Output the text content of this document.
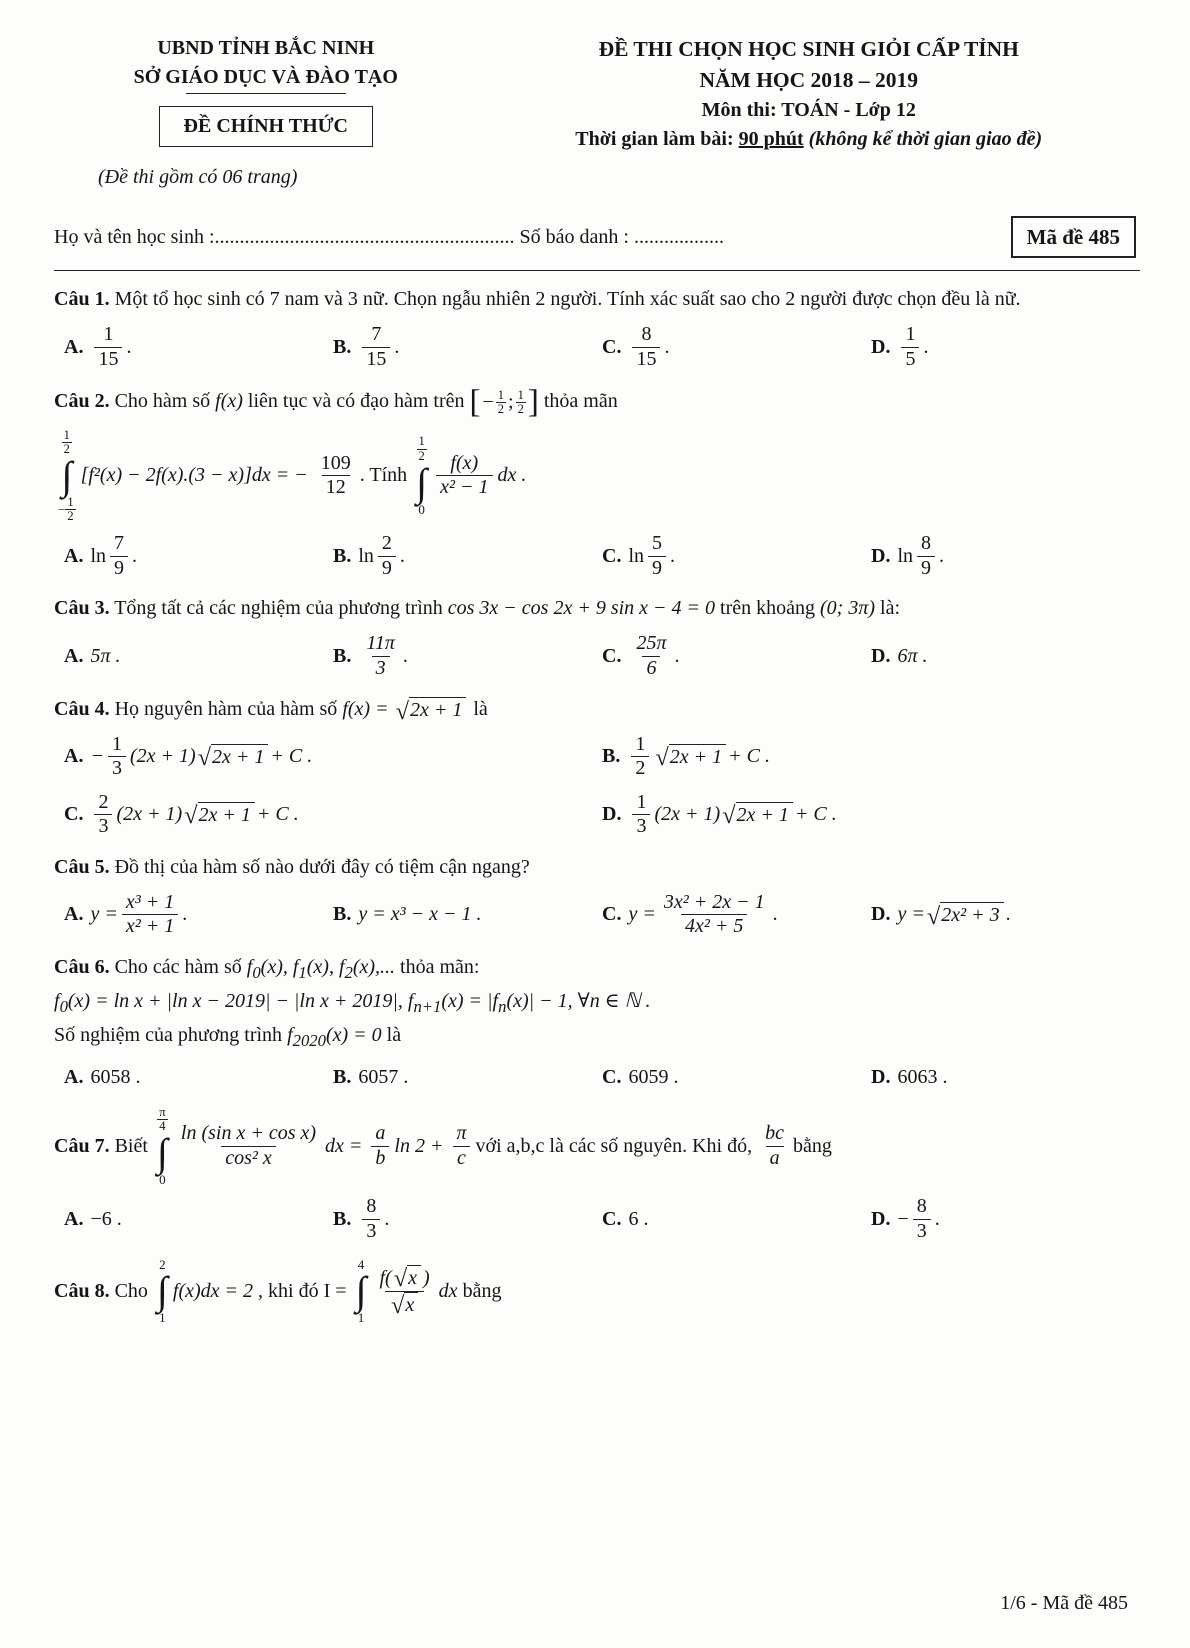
UBND TỈNH BẮC NINH
SỞ GIÁO DỤC VÀ ĐÀO TẠO
ĐỀ CHÍNH THỨC
(Đề thi gồm có 06 trang)
ĐỀ THI CHỌN HỌC SINH GIỎI CẤP TỈNH
NĂM HỌC 2018 – 2019
Môn thi: TOÁN - Lớp 12
Thời gian làm bài: 90 phút (không kể thời gian giao đề)
Họ và tên học sinh :............................................................ Số báo danh : ..................	Mã đề 485

Câu 1. Một tổ học sinh có 7 nam và 3 nữ. Chọn ngẫu nhiên 2 người. Tính xác suất sao cho 2 người được chọn đều là nữ.

A. $\frac{1}{15}$ .	B. $\frac{7}{15}$ .	C. $\frac{8}{15}$ .	D. $\frac{1}{5}$ .

Câu 2. Cho hàm số f(x) liên tục và có đạo hàm trên [ − $\frac{1}{2}$ ; $\frac{1}{2}$ ] thỏa mãn

$\frac{1}{2}$
∫
− $\frac{1}{2}$
[f²(x) − 2f(x).(3 − x)]dx = − $\frac{109}{12}$ . Tính
$\frac{1}{2}$
∫
0
$\frac{f(x)}{\text{x² − 1}}$ dx .
A. $\ln \frac{7}{9}$ .	B. $\ln \frac{2}{9}$ .	C. $\ln \frac{5}{9}$ .	D. $\ln \frac{8}{9}$ .

Câu 3. Tổng tất cả các nghiệm của phương trình cos 3x − cos 2x + 9 sin x − 4 = 0 trên khoảng (0; 3π) là:

A. 5π .	B. $\frac{11\pi}{3}$ .	C. $\frac{25\pi}{6}$ .	D. 6π .

Câu 4. Họ nguyên hàm của hàm số f(x) = √ 2x + 1 là

A. − $\frac{1}{3} (2x + 1)$ √ 2x + 1 + C .	B. $\frac{1}{2}$ √ 2x + 1 + C .
C. $\frac{2}{3} (2x + 1)$ √ 2x + 1 + C .	D. $\frac{1}{3} (2x + 1)$ √ 2x + 1 + C .

Câu 5. Đồ thị của hàm số nào dưới đây có tiệm cận ngang?

A. $y = \frac{\text{x³ + 1}}{\text{x² + 1}}$ .	B. y = x³ − x − 1 .	C. $y = \frac{\text{3x² + 2x − 1}}{\text{4x² + 5}}$ .	D. y = √ 2x² + 3 .

Câu 6. Cho các hàm số $f_0(x)$, $f_1(x)$, $f_2(x)$,... thỏa mãn:

$f_0(x) = \ln x + |\ln$ x − 2019| − |ln x + 2019|, $f_{n+1}(x) = |f_n(x)| - 1$, ∀n ∈ ℕ .

Số nghiệm của phương trình $f_{2020}(x) = 0$ là

A. 6058 .	B. 6057 .	C. 6059 .	D. 6063 .
Câu 7. Biết
$\frac{\pi}{4}$
∫
0
$\frac{\text{ln (sin x + cos x)}}{\text{cos² x}}$ dx = $\frac{a}{b}$ $\ln 2 + \frac{\pi}{c}$ với a,b,c là các số nguyên. Khi đó, $\frac{bc}{a}$ bằng
A. −6 .	B. $\frac{8}{3}$ .	C. 6 .	D. − $\frac{8}{3}$ .
Câu 8. Cho
2
∫
1
f(x)dx = 2 , khi đó I =
4
∫
$1 \frac{f( √ x )}{√ x}$ dx bằng
1/6 - Mã đề 485
